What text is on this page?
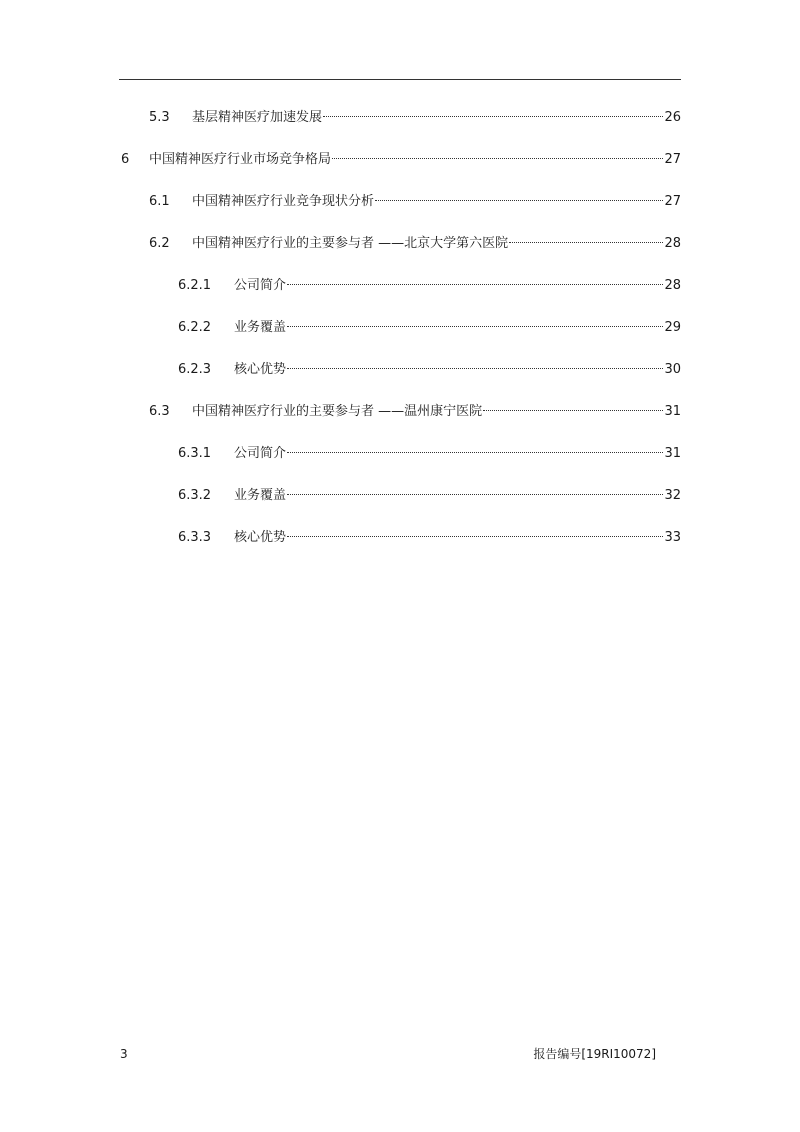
5.3 基层精神医疗加速发展	26
6 中国精神医疗行业市场竞争格局	27
6.1 中国精神医疗行业竞争现状分析	27
6.2 中国精神医疗行业的主要参与者 ——北京大学第六医院	28
6.2.1 公司简介	28
6.2.2 业务覆盖	29
6.2.3 核心优势	30
6.3 中国精神医疗行业的主要参与者 ——温州康宁医院	31
6.3.1 公司简介	31
6.3.2 业务覆盖	32
6.3.3 核心优势	33
3	报告编号[19RI10072]
